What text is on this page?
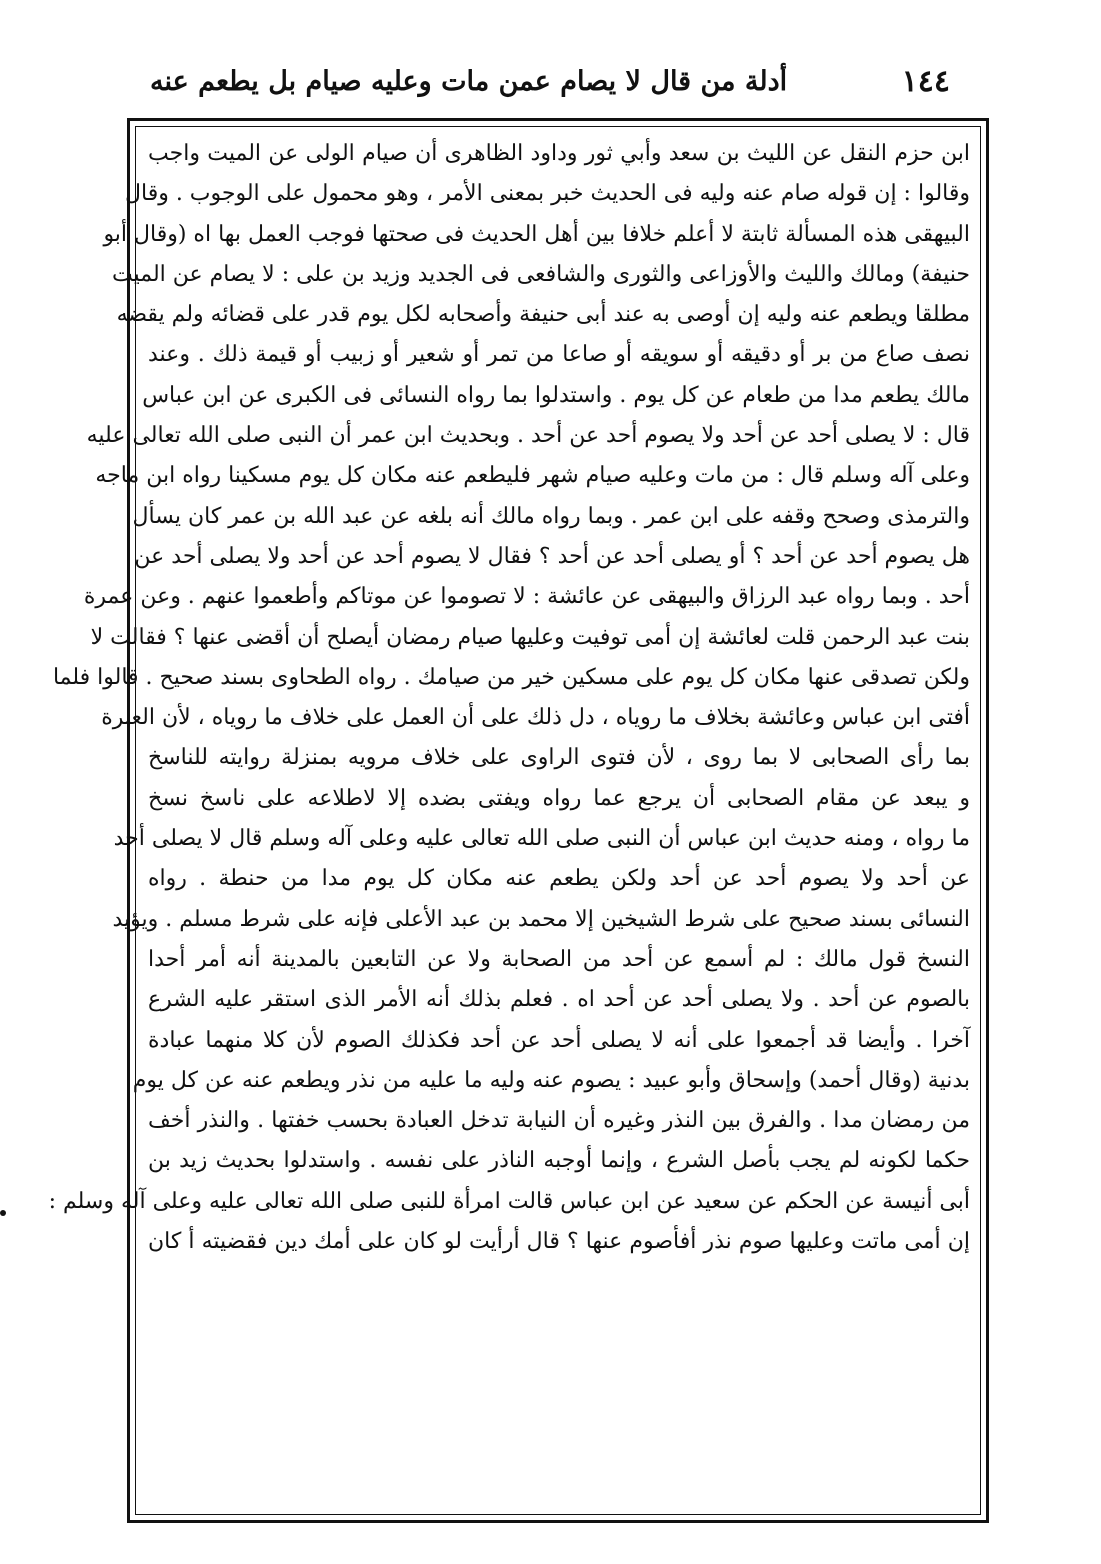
١٤٤
أدلة من قال لا يصام عمن مات وعليه صيام بل يطعم عنه
ابن حزم النقل عن الليث بن سعد وأبي ثور وداود الظاهرى أن صيام الولى عن الميت واجب
وقالوا : إن قوله صام عنه وليه فى الحديث خبر بمعنى الأمر ، وهو محمول على الوجوب . وقال
البيهقى هذه المسألة ثابتة لا أعلم خلافا بين أهل الحديث فى صحتها فوجب العمل بها اه (وقال أبو
حنيفة) ومالك والليث والأوزاعى والثورى والشافعى فى الجديد وزيد بن على : لا يصام عن الميت
مطلقا ويطعم عنه وليه إن أوصى به عند أبى حنيفة وأصحابه لكل يوم قدر على قضائه ولم يقضه
نصف صاع من بر أو دقيقه أو سويقه أو صاعا من تمر أو شعير أو زبيب أو قيمة ذلك . وعند
مالك يطعم مدا من طعام عن كل يوم . واستدلوا بما رواه النسائى فى الكبرى عن ابن عباس
قال : لا يصلى أحد عن أحد ولا يصوم أحد عن أحد . وبحديث ابن عمر أن النبى صلى الله تعالى عليه
وعلى آله وسلم قال : من مات وعليه صيام شهر فليطعم عنه مكان كل يوم مسكينا رواه ابن ماجه
والترمذى وصحح وقفه على ابن عمر . وبما رواه مالك أنه بلغه عن عبد الله بن عمر كان يسأل
هل يصوم أحد عن أحد ؟ أو يصلى أحد عن أحد ؟ فقال لا يصوم أحد عن أحد ولا يصلى أحد عن
أحد . وبما رواه عبد الرزاق والبيهقى عن عائشة : لا تصوموا عن موتاكم وأطعموا عنهم . وعن عمرة
بنت عبد الرحمن قلت لعائشة إن أمى توفيت وعليها صيام رمضان أيصلح أن أقضى عنها ؟ فقالت لا
ولكن تصدقى عنها مكان كل يوم على مسكين خير من صيامك . رواه الطحاوى بسند صحيح . قالوا فلما
أفتى ابن عباس وعائشة بخلاف ما روياه ، دل ذلك على أن العمل على خلاف ما روياه ، لأن العبرة
بما رأى الصحابى لا بما روى ، لأن فتوى الراوى على خلاف مرويه بمنزلة روايته للناسخ
و يبعد عن مقام الصحابى أن يرجع عما رواه ويفتى بضده إلا لاطلاعه على ناسخ نسخ
ما رواه ، ومنه حديث ابن عباس أن النبى صلى الله تعالى عليه وعلى آله وسلم قال لا يصلى أحد
عن أحد ولا يصوم أحد عن أحد ولكن يطعم عنه مكان كل يوم مدا من حنطة . رواه
النسائى بسند صحيح على شرط الشيخين إلا محمد بن عبد الأعلى فإنه على شرط مسلم . ويؤيد
النسخ قول مالك : لم أسمع عن أحد من الصحابة ولا عن التابعين بالمدينة أنه أمر أحدا
بالصوم عن أحد . ولا يصلى أحد عن أحد اه . فعلم بذلك أنه الأمر الذى استقر عليه الشرع
آخرا . وأيضا قد أجمعوا على أنه لا يصلى أحد عن أحد فكذلك الصوم لأن كلا منهما عبادة
بدنية (وقال أحمد) وإسحاق وأبو عبيد : يصوم عنه وليه ما عليه من نذر ويطعم عنه عن كل يوم
من رمضان مدا . والفرق بين النذر وغيره أن النيابة تدخل العبادة بحسب خفتها . والنذر أخف
حكما لكونه لم يجب بأصل الشرع ، وإنما أوجبه الناذر على نفسه . واستدلوا بحديث زيد بن
أبى أنيسة عن الحكم عن سعيد عن ابن عباس قالت امرأة للنبى صلى الله تعالى عليه وعلى آله وسلم :
إن أمى ماتت وعليها صوم نذر أفأصوم عنها ؟ قال أرأيت لو كان على أمك دين فقضيته أ كان
